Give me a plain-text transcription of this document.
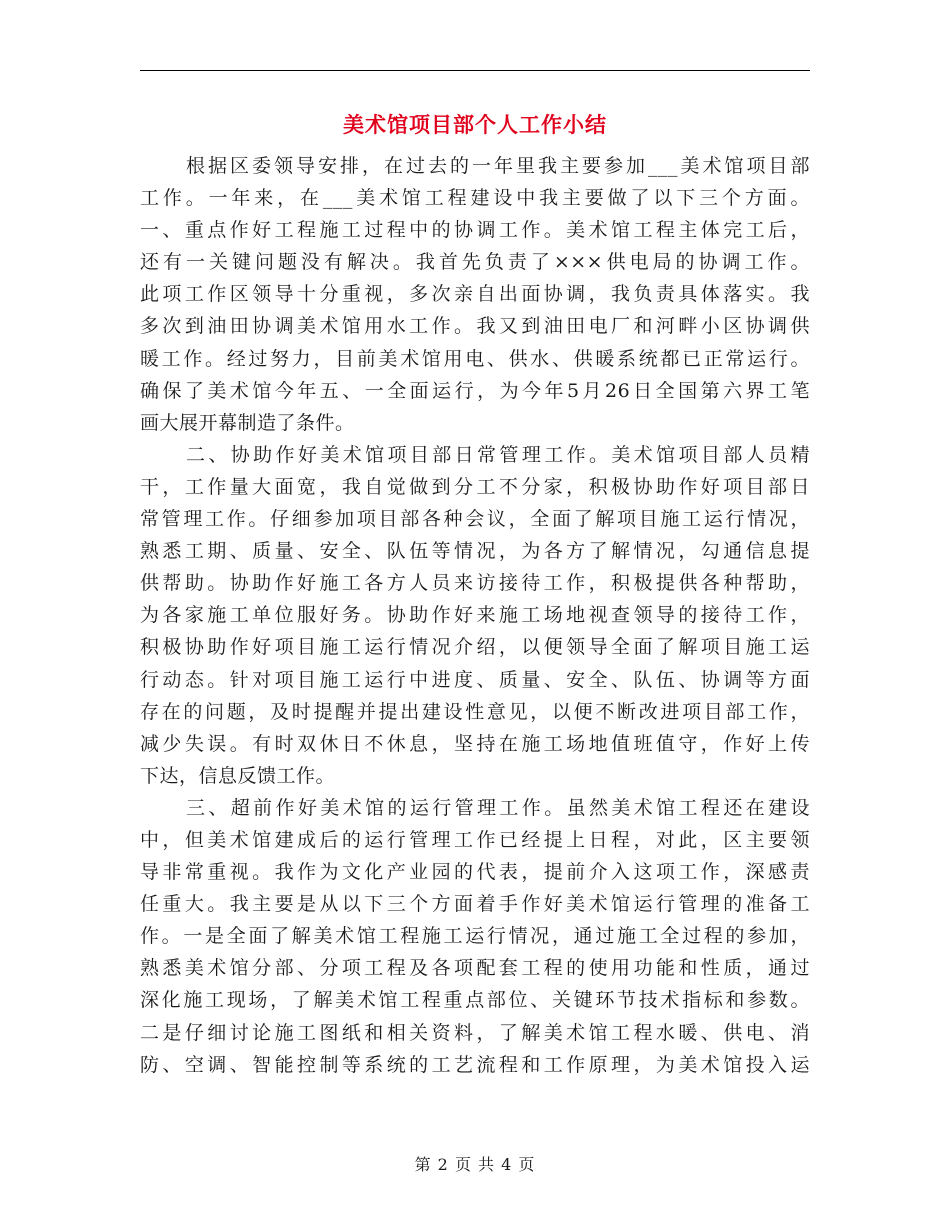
美术馆项目部个人工作小结
根据区委领导安排，在过去的一年里我主要参加___美术馆项目部
工作。一年来，在___美术馆工程建设中我主要做了以下三个方面。
一、重点作好工程施工过程中的协调工作。美术馆工程主体完工后，
还有一关键问题没有解决。我首先负责了×××供电局的协调工作。
此项工作区领导十分重视，多次亲自出面协调，我负责具体落实。我
多次到油田协调美术馆用水工作。我又到油田电厂和河畔小区协调供
暖工作。经过努力，目前美术馆用电、供水、供暖系统都已正常运行。
确保了美术馆今年五、一全面运行，为今年5月26日全国第六界工笔
画大展开幕制造了条件。
二、协助作好美术馆项目部日常管理工作。美术馆项目部人员精
干，工作量大面宽，我自觉做到分工不分家，积极协助作好项目部日
常管理工作。仔细参加项目部各种会议，全面了解项目施工运行情况，
熟悉工期、质量、安全、队伍等情况，为各方了解情况，勾通信息提
供帮助。协助作好施工各方人员来访接待工作，积极提供各种帮助，
为各家施工单位服好务。协助作好来施工场地视查领导的接待工作，
积极协助作好项目施工运行情况介绍，以便领导全面了解项目施工运
行动态。针对项目施工运行中进度、质量、安全、队伍、协调等方面
存在的问题，及时提醒并提出建设性意见，以便不断改进项目部工作，
减少失误。有时双休日不休息，坚持在施工场地值班值守，作好上传
下达，信息反馈工作。
三、超前作好美术馆的运行管理工作。虽然美术馆工程还在建设
中，但美术馆建成后的运行管理工作已经提上日程，对此，区主要领
导非常重视。我作为文化产业园的代表，提前介入这项工作，深感责
任重大。我主要是从以下三个方面着手作好美术馆运行管理的准备工
作。一是全面了解美术馆工程施工运行情况，通过施工全过程的参加，
熟悉美术馆分部、分项工程及各项配套工程的使用功能和性质，通过
深化施工现场，了解美术馆工程重点部位、关键环节技术指标和参数。
二是仔细讨论施工图纸和相关资料，了解美术馆工程水暖、供电、消
防、空调、智能控制等系统的工艺流程和工作原理，为美术馆投入运
第 2 页 共 4 页
